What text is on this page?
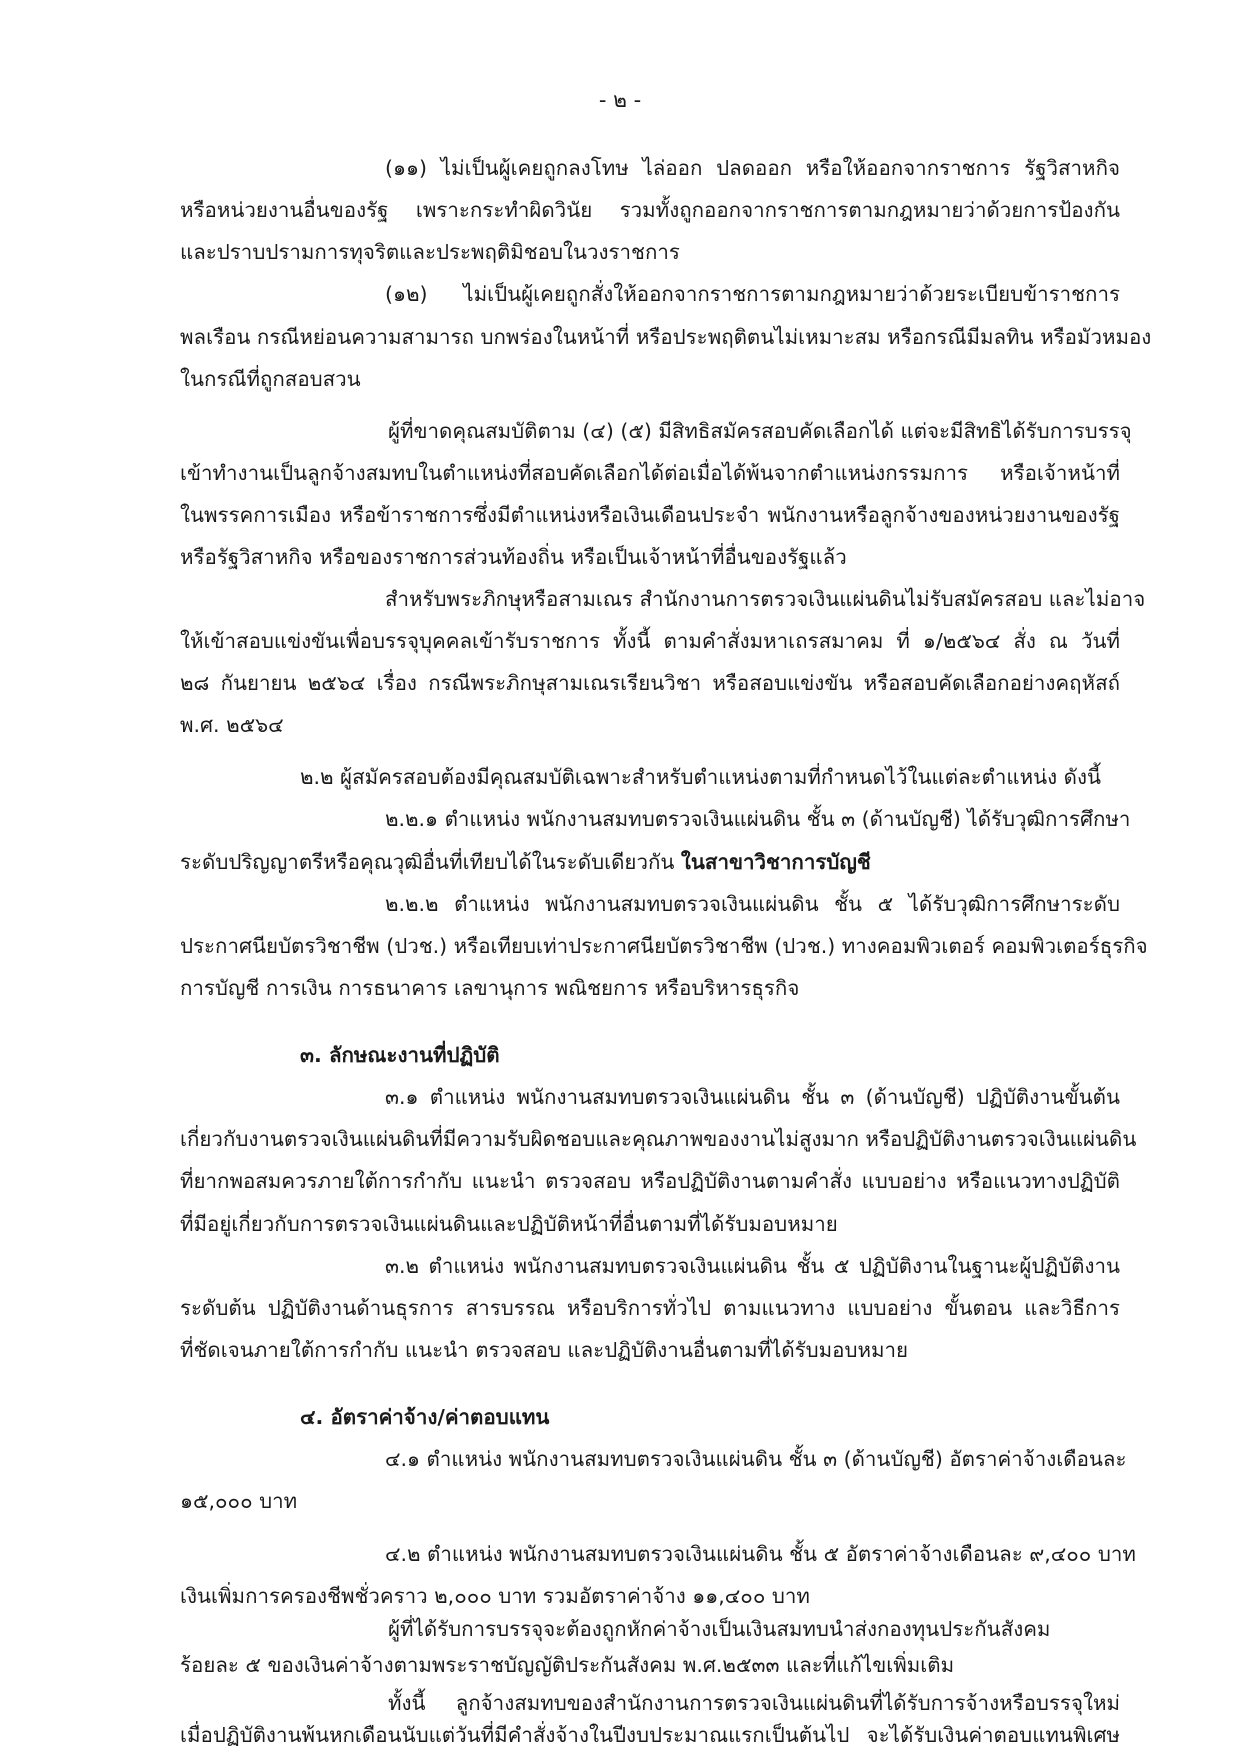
- ๒ -
(๑๑) ไม่เป็นผู้เคยถูกลงโทษ ไล่ออก ปลดออก หรือให้ออกจากราชการ รัฐวิสาหกิจ
หรือหน่วยงานอื่นของรัฐ เพราะกระทำผิดวินัย รวมทั้งถูกออกจากราชการตามกฎหมายว่าด้วยการป้องกัน
และปราบปรามการทุจริตและประพฤติมิชอบในวงราชการ
(๑๒) ไม่เป็นผู้เคยถูกสั่งให้ออกจากราชการตามกฎหมายว่าด้วยระเบียบข้าราชการ
พลเรือน กรณีหย่อนความสามารถ บกพร่องในหน้าที่ หรือประพฤติตนไม่เหมาะสม หรือกรณีมีมลทิน หรือมัวหมอง
ในกรณีที่ถูกสอบสวน
ผู้ที่ขาดคุณสมบัติตาม (๔) (๕) มีสิทธิสมัครสอบคัดเลือกได้ แต่จะมีสิทธิได้รับการบรรจุ
เข้าทำงานเป็นลูกจ้างสมทบในตำแหน่งที่สอบคัดเลือกได้ต่อเมื่อได้พ้นจากตำแหน่งกรรมการ หรือเจ้าหน้าที่
ในพรรคการเมือง หรือข้าราชการซึ่งมีตำแหน่งหรือเงินเดือนประจำ พนักงานหรือลูกจ้างของหน่วยงานของรัฐ
หรือรัฐวิสาหกิจ หรือของราชการส่วนท้องถิ่น หรือเป็นเจ้าหน้าที่อื่นของรัฐแล้ว
สำหรับพระภิกษุหรือสามเณร สำนักงานการตรวจเงินแผ่นดินไม่รับสมัครสอบ และไม่อาจ
ให้เข้าสอบแข่งขันเพื่อบรรจุบุคคลเข้ารับราชการ ทั้งนี้ ตามคำสั่งมหาเถรสมาคม ที่ ๑/๒๕๖๔ สั่ง ณ วันที่
๒๘ กันยายน ๒๕๖๔ เรื่อง กรณีพระภิกษุสามเณรเรียนวิชา หรือสอบแข่งขัน หรือสอบคัดเลือกอย่างคฤหัสถ์
พ.ศ. ๒๕๖๔
๒.๒ ผู้สมัครสอบต้องมีคุณสมบัติเฉพาะสำหรับตำแหน่งตามที่กำหนดไว้ในแต่ละตำแหน่ง ดังนี้
๒.๒.๑ ตำแหน่ง พนักงานสมทบตรวจเงินแผ่นดิน ชั้น ๓ (ด้านบัญชี) ได้รับวุฒิการศึกษา
ระดับปริญญาตรีหรือคุณวุฒิอื่นที่เทียบได้ในระดับเดียวกัน ในสาขาวิชาการบัญชี
๒.๒.๒ ตำแหน่ง พนักงานสมทบตรวจเงินแผ่นดิน ชั้น ๕ ได้รับวุฒิการศึกษาระดับ
ประกาศนียบัตรวิชาชีพ (ปวช.) หรือเทียบเท่าประกาศนียบัตรวิชาชีพ (ปวช.) ทางคอมพิวเตอร์ คอมพิวเตอร์ธุรกิจ
การบัญชี การเงิน การธนาคาร เลขานุการ พณิชยการ หรือบริหารธุรกิจ
๓. ลักษณะงานที่ปฏิบัติ
๓.๑ ตำแหน่ง พนักงานสมทบตรวจเงินแผ่นดิน ชั้น ๓ (ด้านบัญชี) ปฏิบัติงานขั้นต้น
เกี่ยวกับงานตรวจเงินแผ่นดินที่มีความรับผิดชอบและคุณภาพของงานไม่สูงมาก หรือปฏิบัติงานตรวจเงินแผ่นดิน
ที่ยากพอสมควรภายใต้การกำกับ แนะนำ ตรวจสอบ หรือปฏิบัติงานตามคำสั่ง แบบอย่าง หรือแนวทางปฏิบัติ
ที่มีอยู่เกี่ยวกับการตรวจเงินแผ่นดินและปฏิบัติหน้าที่อื่นตามที่ได้รับมอบหมาย
๓.๒ ตำแหน่ง พนักงานสมทบตรวจเงินแผ่นดิน ชั้น ๕ ปฏิบัติงานในฐานะผู้ปฏิบัติงาน
ระดับต้น ปฏิบัติงานด้านธุรการ สารบรรณ หรือบริการทั่วไป ตามแนวทาง แบบอย่าง ขั้นตอน และวิธีการ
ที่ชัดเจนภายใต้การกำกับ แนะนำ ตรวจสอบ และปฏิบัติงานอื่นตามที่ได้รับมอบหมาย
๔. อัตราค่าจ้าง/ค่าตอบแทน
๔.๑ ตำแหน่ง พนักงานสมทบตรวจเงินแผ่นดิน ชั้น ๓ (ด้านบัญชี) อัตราค่าจ้างเดือนละ
๑๕,๐๐๐ บาท
๔.๒ ตำแหน่ง พนักงานสมทบตรวจเงินแผ่นดิน ชั้น ๕ อัตราค่าจ้างเดือนละ ๙,๔๐๐ บาท
เงินเพิ่มการครองชีพชั่วคราว ๒,๐๐๐ บาท รวมอัตราค่าจ้าง ๑๑,๔๐๐ บาท
ผู้ที่ได้รับการบรรจุจะต้องถูกหักค่าจ้างเป็นเงินสมทบนำส่งกองทุนประกันสังคม
ร้อยละ ๕ ของเงินค่าจ้างตามพระราชบัญญัติประกันสังคม พ.ศ.๒๕๓๓ และที่แก้ไขเพิ่มเติม
ทั้งนี้ ลูกจ้างสมทบของสำนักงานการตรวจเงินแผ่นดินที่ได้รับการจ้างหรือบรรจุใหม่
เมื่อปฏิบัติงานพ้นหกเดือนนับแต่วันที่มีคำสั่งจ้างในปีงบประมาณแรกเป็นต้นไป จะได้รับเงินค่าตอบแทนพิเศษ
